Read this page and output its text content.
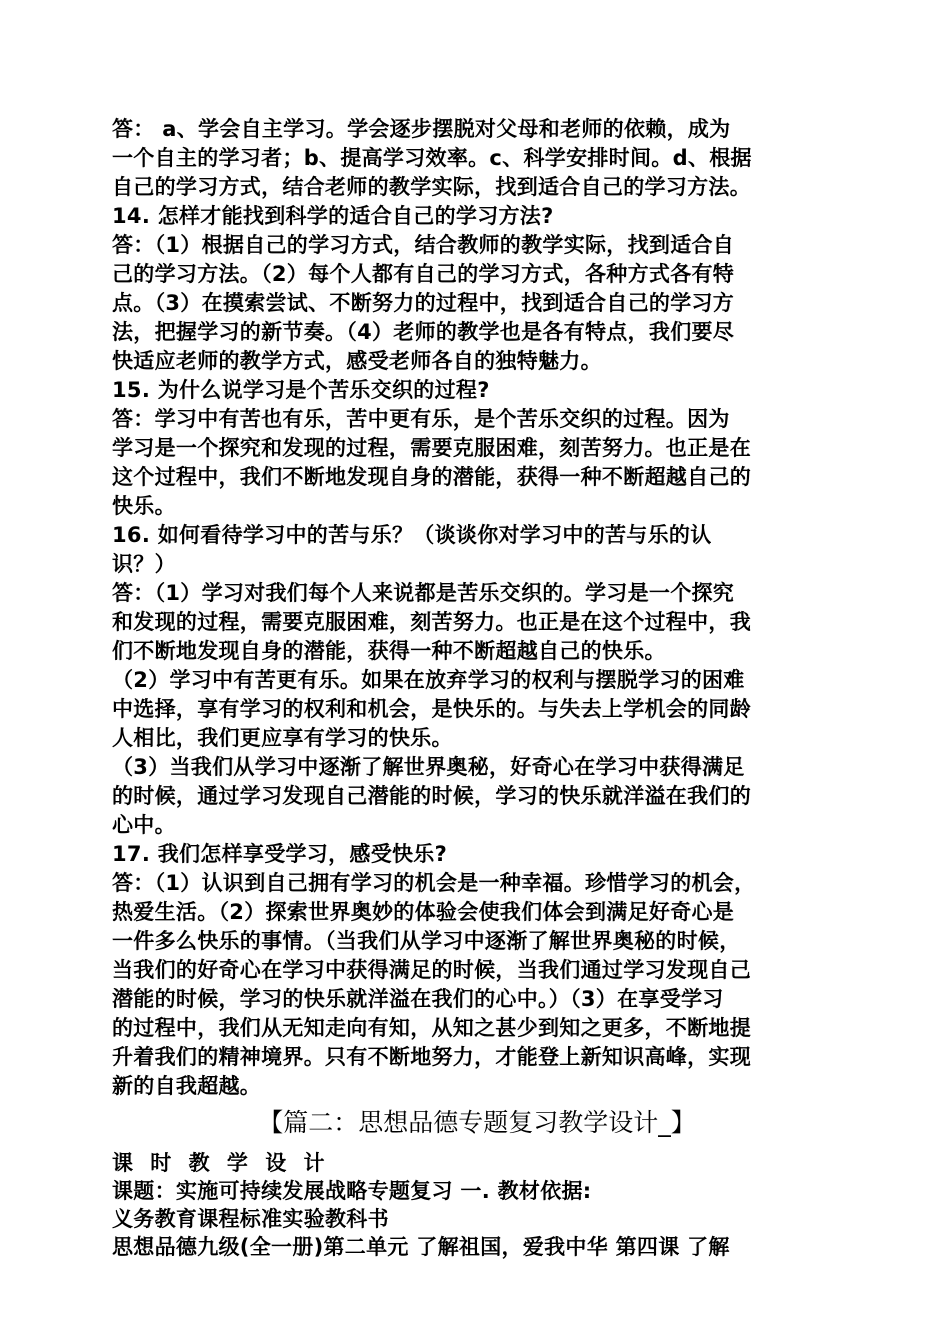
答： a、学会自主学习。学会逐步摆脱对父母和老师的依赖，成为
一个自主的学习者；b、提高学习效率。c、科学安排时间。d、根据
自己的学习方式，结合老师的教学实际，找到适合自己的学习方法。
14. 怎样才能找到科学的适合自己的学习方法?
答：（1）根据自己的学习方式，结合教师的教学实际，找到适合自
己的学习方法。（2）每个人都有自己的学习方式，各种方式各有特
点。（3）在摸索尝试、不断努力的过程中，找到适合自己的学习方
法，把握学习的新节奏。（4）老师的教学也是各有特点，我们要尽
快适应老师的教学方式，感受老师各自的独特魅力。
15. 为什么说学习是个苦乐交织的过程?
答：学习中有苦也有乐，苦中更有乐，是个苦乐交织的过程。因为
学习是一个探究和发现的过程，需要克服困难，刻苦努力。也正是在
这个过程中，我们不断地发现自身的潜能，获得一种不断超越自己的
快乐。
16. 如何看待学习中的苦与乐？（谈谈你对学习中的苦与乐的认
识？）
答：（1）学习对我们每个人来说都是苦乐交织的。学习是一个探究
和发现的过程，需要克服困难，刻苦努力。也正是在这个过程中，我
们不断地发现自身的潜能，获得一种不断超越自己的快乐。
（2）学习中有苦更有乐。如果在放弃学习的权利与摆脱学习的困难
中选择，享有学习的权利和机会，是快乐的。与失去上学机会的同龄
人相比，我们更应享有学习的快乐。
（3）当我们从学习中逐渐了解世界奥秘，好奇心在学习中获得满足
的时候，通过学习发现自己潜能的时候，学习的快乐就洋溢在我们的
心中。
17. 我们怎样享受学习，感受快乐?
答：（1）认识到自己拥有学习的机会是一种幸福。珍惜学习的机会，
热爱生活。（2）探索世界奥妙的体验会使我们体会到满足好奇心是
一件多么快乐的事情。（当我们从学习中逐渐了解世界奥秘的时候，
当我们的好奇心在学习中获得满足的时候，当我们通过学习发现自己
潜能的时候，学习的快乐就洋溢在我们的心中。）（3）在享受学习
的过程中，我们从无知走向有知，从知之甚少到知之更多，不断地提
升着我们的精神境界。只有不断地努力，才能登上新知识高峰，实现
新的自我超越。
【篇二：思想品德专题复习教学设计_】
课 时 教 学 设 计
课题：实施可持续发展战略专题复习 一. 教材依据:
义务教育课程标准实验教科书
思想品德九级(全一册)第二单元 了解祖国，爱我中华 第四课 了解
